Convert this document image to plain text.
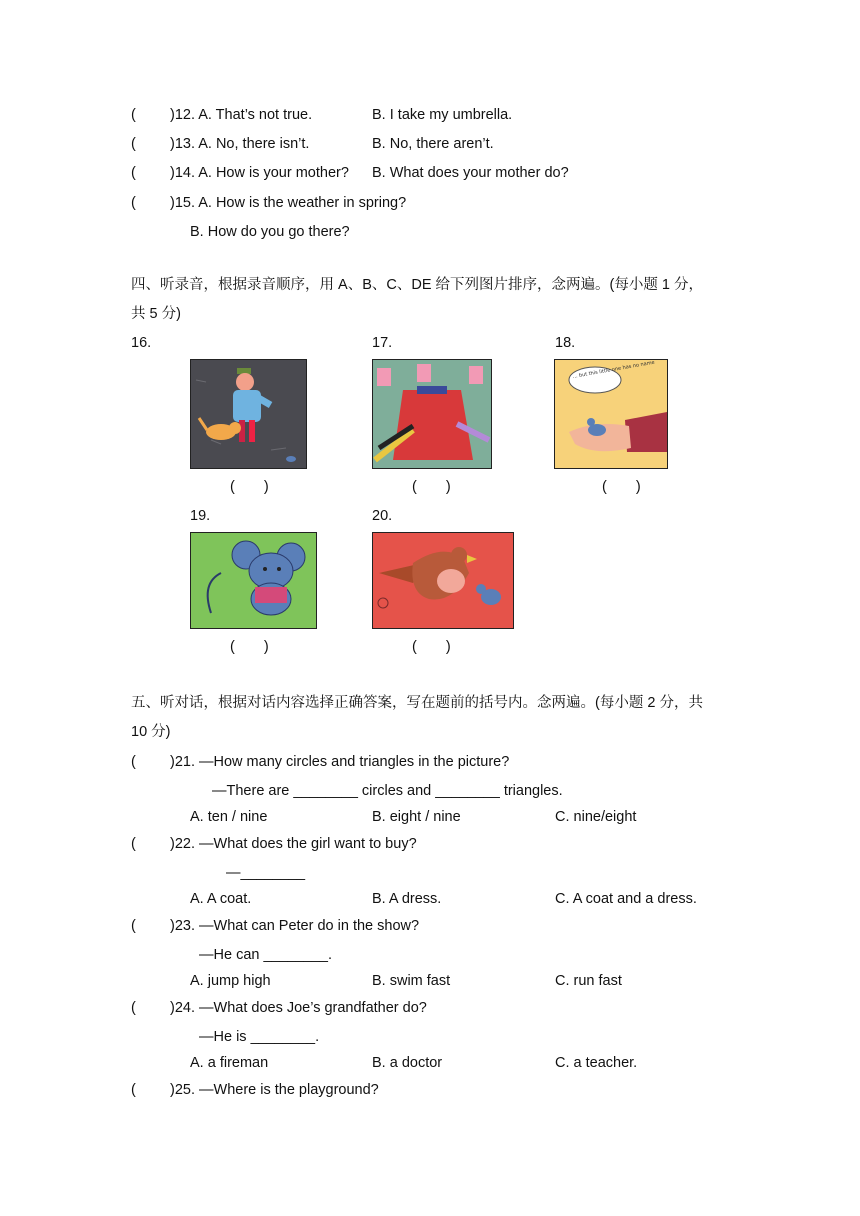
( )12. A. That’s not true.	B. I take my umbrella.
( )13. A. No, there isn’t.	B. No, there aren’t.
( )14. A. How is your mother? B. What does your mother do?
( )15. A. How is the weather in spring?
B. How do you go there?
四、听录音，根据录音顺序，用 A、B、C、DE 给下列图片排序，念两遍。(每小题 1 分，
共 5 分)
16.	17.	18.
19.	20.
(　　)	(　　)
... but this little one has no name
(　　)
(　　)	(　　)
五、听对话，根据对话内容选择正确答案，写在题前的括号内。念两遍。(每小题 2 分，共
10 分)
( )21. —How many circles and triangles in the picture?
—There are ________ circles and ________ triangles.
A. ten / nine	B. eight / nine	C. nine/eight
( )22. —What does the girl want to buy?
—________
A. A coat.	B. A dress.	C. A coat and a dress.
( )23. —What can Peter do in the show?
—He can ________.
A. jump high	B. swim fast	C. run fast
( )24. —What does Joe’s grandfather do?
—He is ________.
A. a fireman	B. a doctor	C. a teacher.
( )25. —Where is the playground?
